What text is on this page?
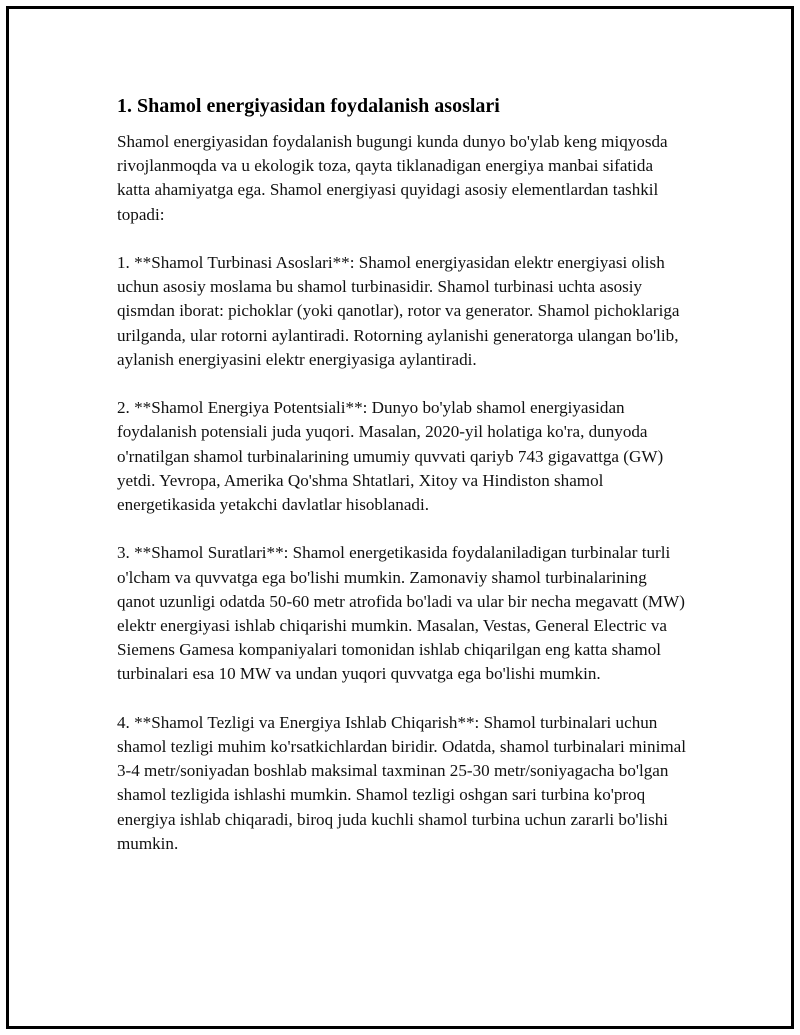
1. Shamol energiyasidan foydalanish asoslari

Shamol energiyasidan foydalanish bugungi kunda dunyo bo'ylab keng miqyosda rivojlanmoqda va u ekologik toza, qayta tiklanadigan energiya manbai sifatida katta ahamiyatga ega. Shamol energiyasi quyidagi asosiy elementlardan tashkil topadi:

1. **Shamol Turbinasi Asoslari**: Shamol energiyasidan elektr energiyasi olish uchun asosiy moslama bu shamol turbinasidir. Shamol turbinasi uchta asosiy qismdan iborat: pichoklar (yoki qanotlar), rotor va generator. Shamol pichoklariga urilganda, ular rotorni aylantiradi. Rotorning aylanishi generatorga ulangan bo'lib, aylanish energiyasini elektr energiyasiga aylantiradi.

2. **Shamol Energiya Potentsiali**: Dunyo bo'ylab shamol energiyasidan foydalanish potensiali juda yuqori. Masalan, 2020-yil holatiga ko'ra, dunyoda o'rnatilgan shamol turbinalarining umumiy quvvati qariyb 743 gigavattga (GW) yetdi. Yevropa, Amerika Qo'shma Shtatlari, Xitoy va Hindiston shamol energetikasida yetakchi davlatlar hisoblanadi.

3. **Shamol Suratlari**: Shamol energetikasida foydalaniladigan turbinalar turli o'lcham va quvvatga ega bo'lishi mumkin. Zamonaviy shamol turbinalarining qanot uzunligi odatda 50-60 metr atrofida bo'ladi va ular bir necha megavatt (MW) elektr energiyasi ishlab chiqarishi mumkin. Masalan, Vestas, General Electric va Siemens Gamesa kompaniyalari tomonidan ishlab chiqarilgan eng katta shamol turbinalari esa 10 MW va undan yuqori quvvatga ega bo'lishi mumkin.

4. **Shamol Tezligi va Energiya Ishlab Chiqarish**: Shamol turbinalari uchun shamol tezligi muhim ko'rsatkichlardan biridir. Odatda, shamol turbinalari minimal 3-4 metr/soniyadan boshlab maksimal taxminan 25-30 metr/soniyagacha bo'lgan shamol tezligida ishlashi mumkin. Shamol tezligi oshgan sari turbina ko'proq energiya ishlab chiqaradi, biroq juda kuchli shamol turbina uchun zararli bo'lishi mumkin.
